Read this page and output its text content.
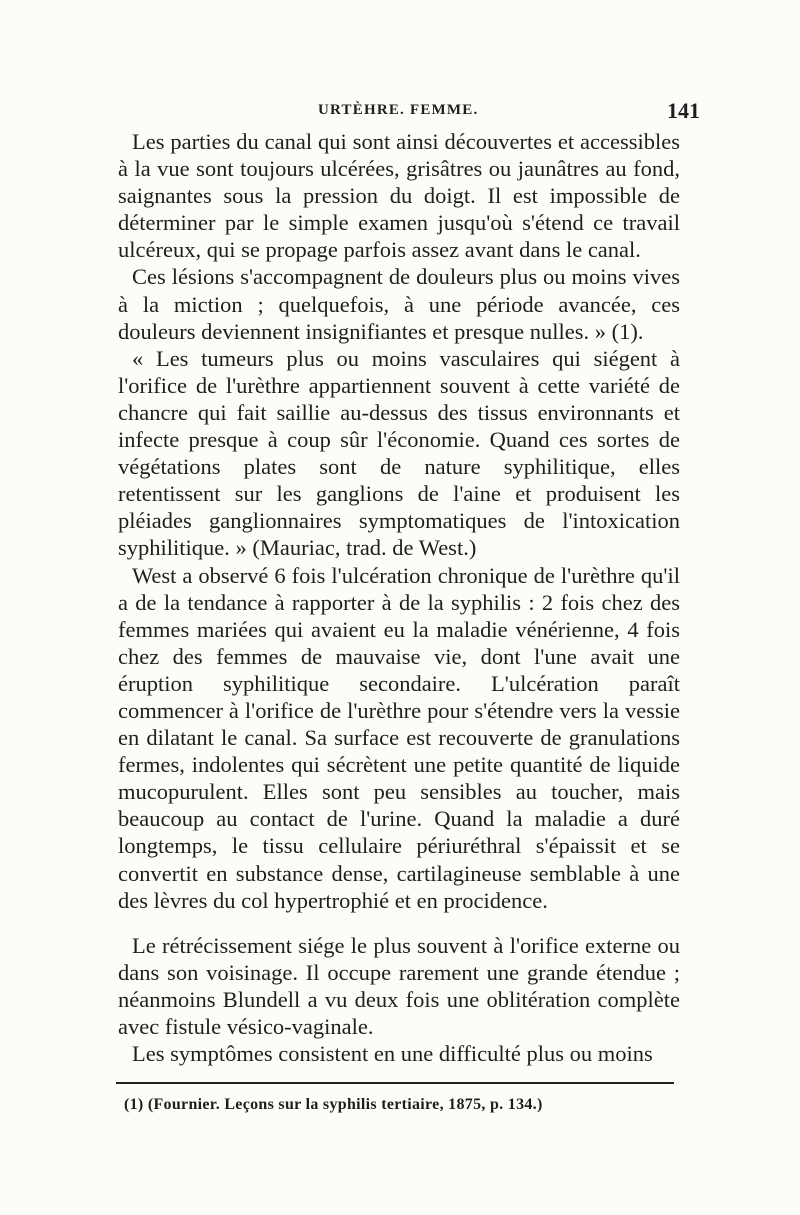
URTÈHRE. FEMME.	141

Les parties du canal qui sont ainsi découvertes et accessibles à la vue sont toujours ulcérées, grisâtres ou jaunâtres au fond, saignantes sous la pression du doigt. Il est impossible de déterminer par le simple examen jusqu'où s'étend ce travail ulcéreux, qui se propage parfois assez avant dans le canal.

Ces lésions s'accompagnent de douleurs plus ou moins vives à la miction ; quelquefois, à une période avancée, ces douleurs deviennent insignifiantes et presque nulles. » (1).

« Les tumeurs plus ou moins vasculaires qui siégent à l'orifice de l'urèthre appartiennent souvent à cette variété de chancre qui fait saillie au-dessus des tissus environnants et infecte presque à coup sûr l'économie. Quand ces sortes de végétations plates sont de nature syphilitique, elles retentissent sur les ganglions de l'aine et produisent les pléiades ganglionnaires symptomatiques de l'intoxication syphilitique. » (Mauriac, trad. de West.)

West a observé 6 fois l'ulcération chronique de l'urèthre qu'il a de la tendance à rapporter à de la syphilis : 2 fois chez des femmes mariées qui avaient eu la maladie vénérienne, 4 fois chez des femmes de mauvaise vie, dont l'une avait une éruption syphilitique secondaire. L'ulcération paraît commencer à l'orifice de l'urèthre pour s'étendre vers la vessie en dilatant le canal. Sa surface est recouverte de granulations fermes, indolentes qui sécrètent une petite quantité de liquide mucopurulent. Elles sont peu sensibles au toucher, mais beaucoup au contact de l'urine. Quand la maladie a duré longtemps, le tissu cellulaire périuréthral s'épaissit et se convertit en substance dense, cartilagineuse semblable à une des lèvres du col hypertrophié et en procidence.

Le rétrécissement siége le plus souvent à l'orifice externe ou dans son voisinage. Il occupe rarement une grande étendue ; néanmoins Blundell a vu deux fois une oblitération complète avec fistule vésico-vaginale.

Les symptômes consistent en une difficulté plus ou moins

(1) (Fournier. Leçons sur la syphilis tertiaire, 1875, p. 134.)
